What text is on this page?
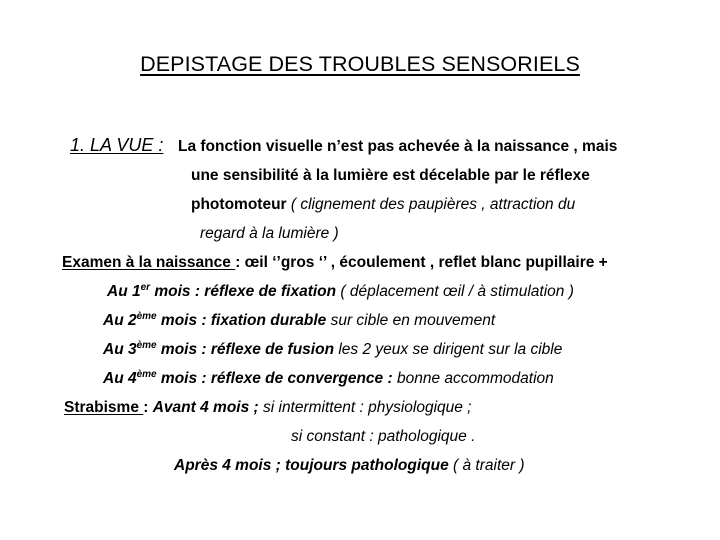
DEPISTAGE DES TROUBLES SENSORIELS
1. LA VUE : La fonction visuelle n’est pas achevée à la naissance , mais
une sensibilité à la lumière est décelable par le réflexe
photomoteur ( clignement des paupières , attraction du
regard à la lumière )
Examen à la naissance : œil ‘’gros ‘’ , écoulement , reflet blanc pupillaire +
Au 1er mois : réflexe de fixation ( déplacement œil / à stimulation )
Au 2ème mois : fixation durable sur cible en mouvement
Au 3ème mois : réflexe de fusion les 2 yeux se dirigent sur la cible
Au 4ème mois : réflexe de convergence : bonne accommodation
Strabisme : Avant 4 mois ; si intermittent : physiologique ;
si constant : pathologique .
Après 4 mois ; toujours pathologique ( à traiter )
